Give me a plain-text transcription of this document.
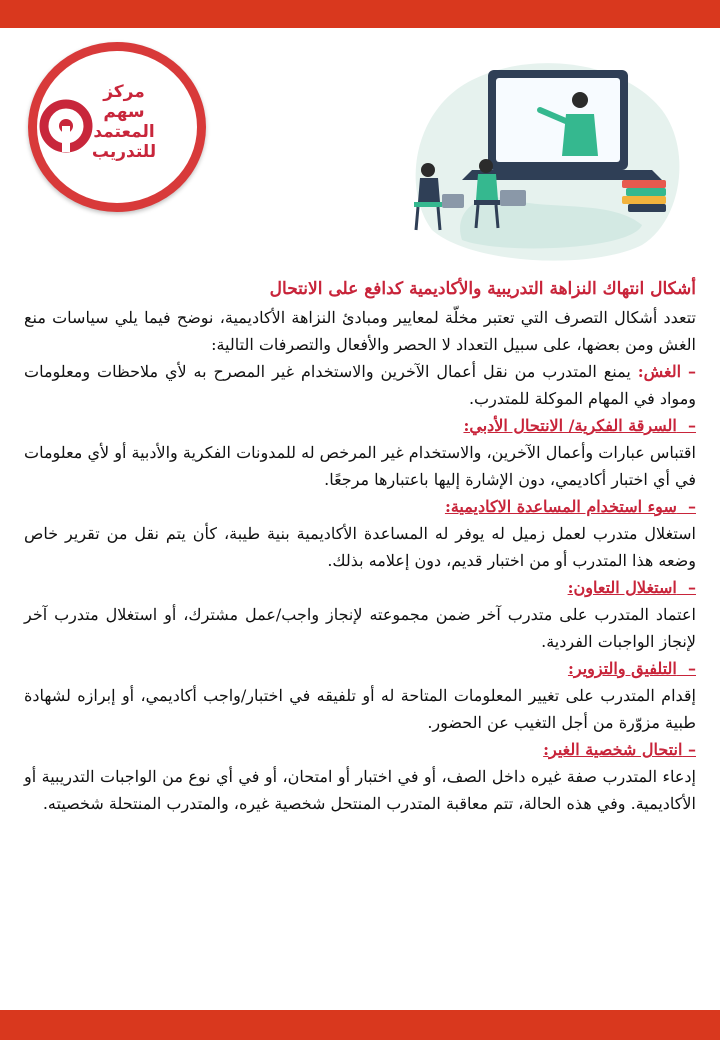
مركز
سهم
المعتمد
للتدريب

أشكال انتهاك النزاهة التدريبية والأكاديمية كدافع على الانتحال

تتعدد أشكال التصرف التي تعتبر مخلّة لمعايير ومبادئ النزاهة الأكاديمية، نوضح فيما يلي سياسات منع الغش ومن بعضها، على سبيل التعداد لا الحصر والأفعال والتصرفات التالية:

– الغش: يمنع المتدرب من نقل أعمال الآخرين والاستخدام غير المصرح به لأي ملاحظات ومعلومات ومواد في المهام الموكلة للمتدرب.

–  السرقة الفكرية/ الانتحال الأدبي:

اقتباس عبارات وأعمال الآخرين، والاستخدام غير المرخص له للمدونات الفكرية والأدبية أو لأي معلومات في أي اختبار أكاديمي، دون الإشارة إليها باعتبارها مرجعًا.

–  سوء استخدام المساعدة الاكاديمية:

استغلال متدرب لعمل زميل له يوفر له المساعدة الأكاديمية بنية طيبة، كأن يتم نقل من تقرير خاص وضعه هذا المتدرب أو من اختبار قديم، دون إعلامه بذلك.

–  استغلال التعاون:

اعتماد المتدرب على متدرب آخر ضمن مجموعته لإنجاز واجب/عمل مشترك، أو استغلال متدرب آخر لإنجاز الواجبات الفردية.

–  التلفيق والتزوير:

إقدام المتدرب على تغيير المعلومات المتاحة له أو تلفيقه في اختبار/واجب أكاديمي، أو إبرازه لشهادة طبية مزوّرة من أجل التغيب عن الحضور.

– انتحال شخصية الغير:

إدعاء المتدرب صفة غيره داخل الصف، أو في اختبار أو امتحان، أو في أي نوع من الواجبات التدريبية أو الأكاديمية. وفي هذه الحالة، تتم معاقبة المتدرب المنتحل شخصية غيره، والمتدرب المنتحلة شخصيته.
